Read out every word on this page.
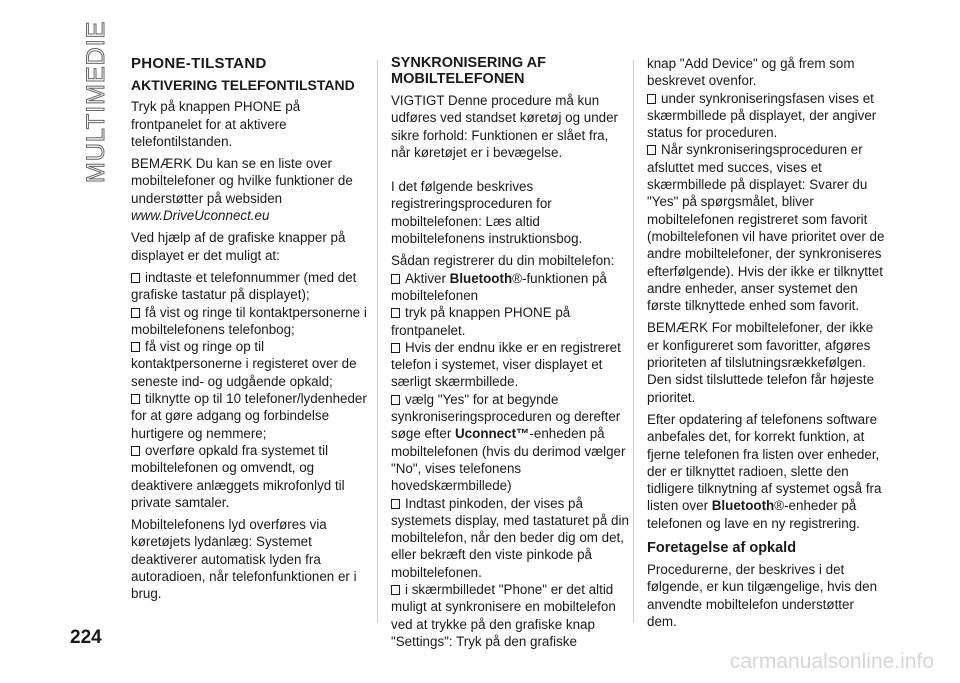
MULTIMEDIE
224
carmanualsonline.info

PHONE-TILSTAND

AKTIVERING TELEFONTILSTAND

Tryk på knappen PHONE på frontpanelet for at aktivere telefontilstanden.

BEMÆRK Du kan se en liste over mobiltelefoner og hvilke funktioner de understøtter på websiden

www.DriveUconnect.eu

Ved hjælp af de grafiske knapper på displayet er det muligt at:

indtaste et telefonnummer (med det grafiske tastatur på displayet);
få vist og ringe til kontaktpersonerne i mobiltelefonens telefonbog;
få vist og ringe op til kontaktpersonerne i registeret over de seneste ind- og udgående opkald;
tilknytte op til 10 telefoner/lydenheder for at gøre adgang og forbindelse hurtigere og nemmere;
overføre opkald fra systemet til mobiltelefonen og omvendt, og deaktivere anlæggets mikrofonlyd til private samtaler.

Mobiltelefonens lyd overføres via køretøjets lydanlæg: Systemet deaktiverer automatisk lyden fra autoradioen, når telefonfunktionen er i brug.

SYNKRONISERING AF MOBILTELEFONEN

VIGTIGT Denne procedure må kun udføres ved standset køretøj og under sikre forhold: Funktionen er slået fra, når køretøjet er i bevægelse.

I det følgende beskrives registreringsproceduren for mobiltelefonen: Læs altid mobiltelefonens instruktionsbog.

Sådan registrerer du din mobiltelefon:

Aktiver Bluetooth®-funktionen på mobiltelefonen
tryk på knappen PHONE på frontpanelet.
Hvis der endnu ikke er en registreret telefon i systemet, viser displayet et særligt skærmbillede.
vælg "Yes" for at begynde synkroniseringsproceduren og derefter søge efter Uconnect™-enheden på mobiltelefonen (hvis du derimod vælger "No", vises telefonens hovedskærmbillede)
Indtast pinkoden, der vises på systemets display, med tastaturet på din mobiltelefon, når den beder dig om det, eller bekræft den viste pinkode på mobiltelefonen.
i skærmbilledet "Phone" er det altid muligt at synkronisere en mobiltelefon ved at trykke på den grafiske knap "Settings": Tryk på den grafiske

knap "Add Device" og gå frem som beskrevet ovenfor.

under synkroniseringsfasen vises et skærmbillede på displayet, der angiver status for proceduren.
Når synkroniseringsproceduren er afsluttet med succes, vises et skærmbillede på displayet: Svarer du "Yes" på spørgsmålet, bliver mobiltelefonen registreret som favorit (mobiltelefonen vil have prioritet over de andre mobiltelefoner, der synkroniseres efterfølgende). Hvis der ikke er tilknyttet andre enheder, anser systemet den første tilknyttede enhed som favorit.

BEMÆRK For mobiltelefoner, der ikke er konfigureret som favoritter, afgøres prioriteten af tilslutningsrækkefølgen. Den sidst tilsluttede telefon får højeste prioritet.

Efter opdatering af telefonens software anbefales det, for korrekt funktion, at fjerne telefonen fra listen over enheder, der er tilknyttet radioen, slette den tidligere tilknytning af systemet også fra listen over Bluetooth®-enheder på telefonen og lave en ny registrering.

Foretagelse af opkald

Procedurerne, der beskrives i det følgende, er kun tilgængelige, hvis den anvendte mobiltelefon understøtter dem.
